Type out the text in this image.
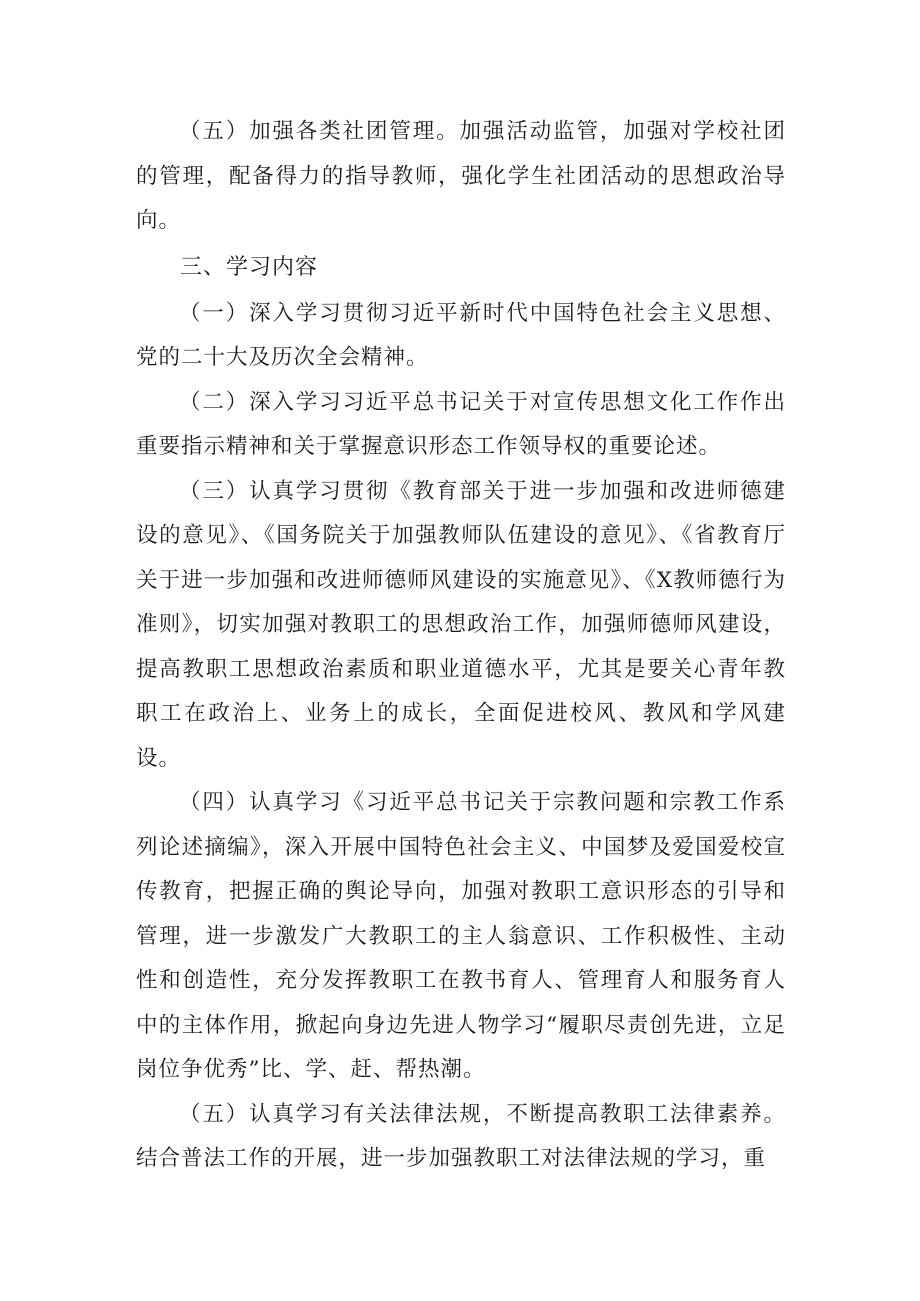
（五）加强各类社团管理。加强活动监管，加强对学校社团的管理，配备得力的指导教师，强化学生社团活动的思想政治导向。

三、学习内容

（一）深入学习贯彻习近平新时代中国特色社会主义思想、党的二十大及历次全会精神。

（二）深入学习习近平总书记关于对宣传思想文化工作作出重要指示精神和关于掌握意识形态工作领导权的重要论述。

（三）认真学习贯彻《教育部关于进一步加强和改进师德建设的意见》、《国务院关于加强教师队伍建设的意见》、《省教育厅关于进一步加强和改进师德师风建设的实施意见》、《X教师德行为准则》，切实加强对教职工的思想政治工作，加强师德师风建设，提高教职工思想政治素质和职业道德水平，尤其是要关心青年教职工在政治上、业务上的成长，全面促进校风、教风和学风建设。

（四）认真学习《习近平总书记关于宗教问题和宗教工作系列论述摘编》，深入开展中国特色社会主义、中国梦及爱国爱校宣传教育，把握正确的舆论导向，加强对教职工意识形态的引导和管理，进一步激发广大教职工的主人翁意识、工作积极性、主动性和创造性，充分发挥教职工在教书育人、管理育人和服务育人中的主体作用，掀起向身边先进人物学习“履职尽责创先进，立足岗位争优秀”比、学、赶、帮热潮。

（五）认真学习有关法律法规，不断提高教职工法律素养。结合普法工作的开展，进一步加强教职工对法律法规的学习，重
